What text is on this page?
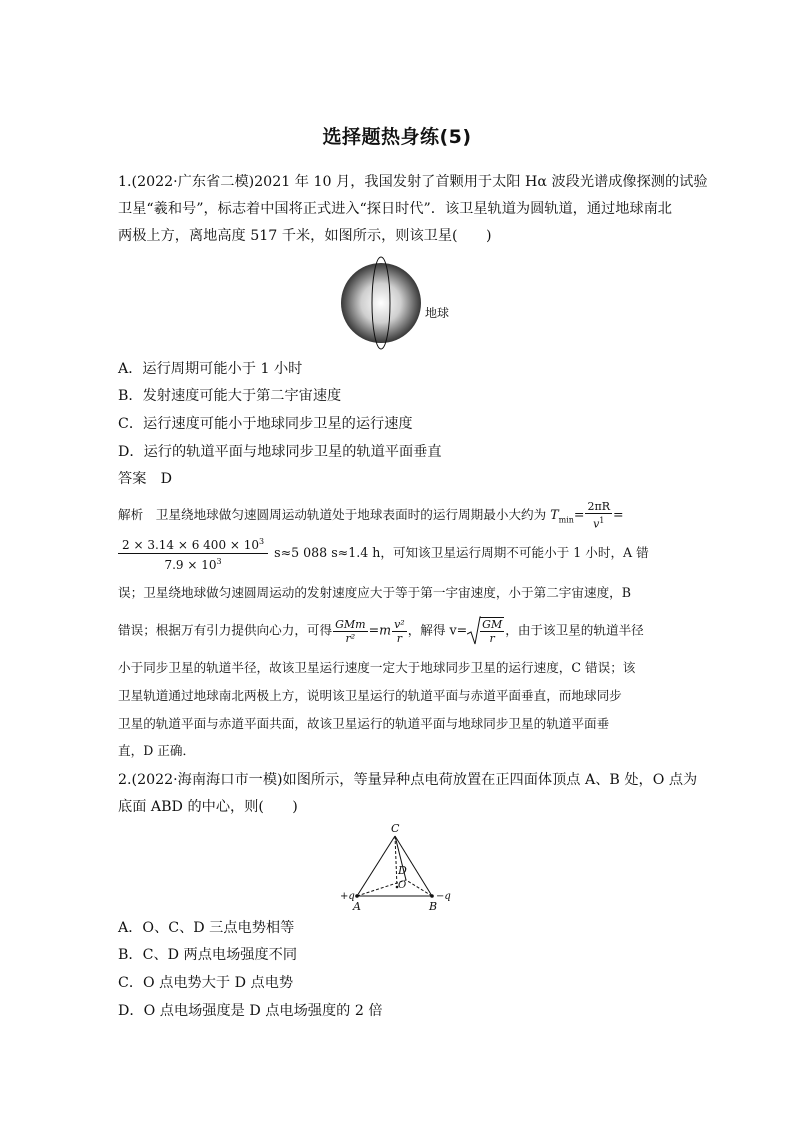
选择题热身练(5)
1.(2022·广东省二模)2021 年 10 月，我国发射了首颗用于太阳 Hα 波段光谱成像探测的试验
卫星“羲和号”，标志着中国将正式进入“探日时代”．该卫星轨道为圆轨道，通过地球南北
两极上方，离地高度 517 千米，如图所示，则该卫星(　　)
地球
A．运行周期可能小于 1 小时
B．发射速度可能大于第二宇宙速度
C．运行速度可能小于地球同步卫星的运行速度
D．运行的轨道平面与地球同步卫星的轨道平面垂直
答案　D
解析　卫星绕地球做匀速圆周运动轨道处于地球表面时的运行周期最小大约为 $T_{min}= \frac{2\pi R}{v^1}$ =
$\frac{2 \times 3.14 \times 6 400 \times 10^3}{7.9 \times 10^3} s\approx 5$ 088 s≈1.4 h，可知该卫星运行周期不可能小于 1 小时，A 错
误；卫星绕地球做匀速圆周运动的发射速度应大于等于第一宇宙速度，小于第二宇宙速度，B
错误；根据万有引力提供向心力，可得 $\frac{\text{GMm}}{\text{r²}} =m \frac{\text{v²}}{r}$ ，解得 $v= \frac{GM}{r}$ ，由于该卫星的轨道半径
小于同步卫星的轨道半径，故该卫星运行速度一定大于地球同步卫星的运行速度，C 错误；该
卫星轨道通过地球南北两极上方，说明该卫星运行的轨道平面与赤道平面垂直，而地球同步
卫星的轨道平面与赤道平面共面，故该卫星运行的轨道平面与地球同步卫星的轨道平面垂
直，D 正确．
2.(2022·海南海口市一模)如图所示，等量异种点电荷放置在正四面体顶点 A、B 处，O 点为
底面 ABD 的中心，则(　　)
C
D
O
A	B
+q	−q
A．O、C、D 三点电势相等
B．C、D 两点电场强度不同
C．O 点电势大于 D 点电势
D．O 点电场强度是 D 点电场强度的 2 倍
